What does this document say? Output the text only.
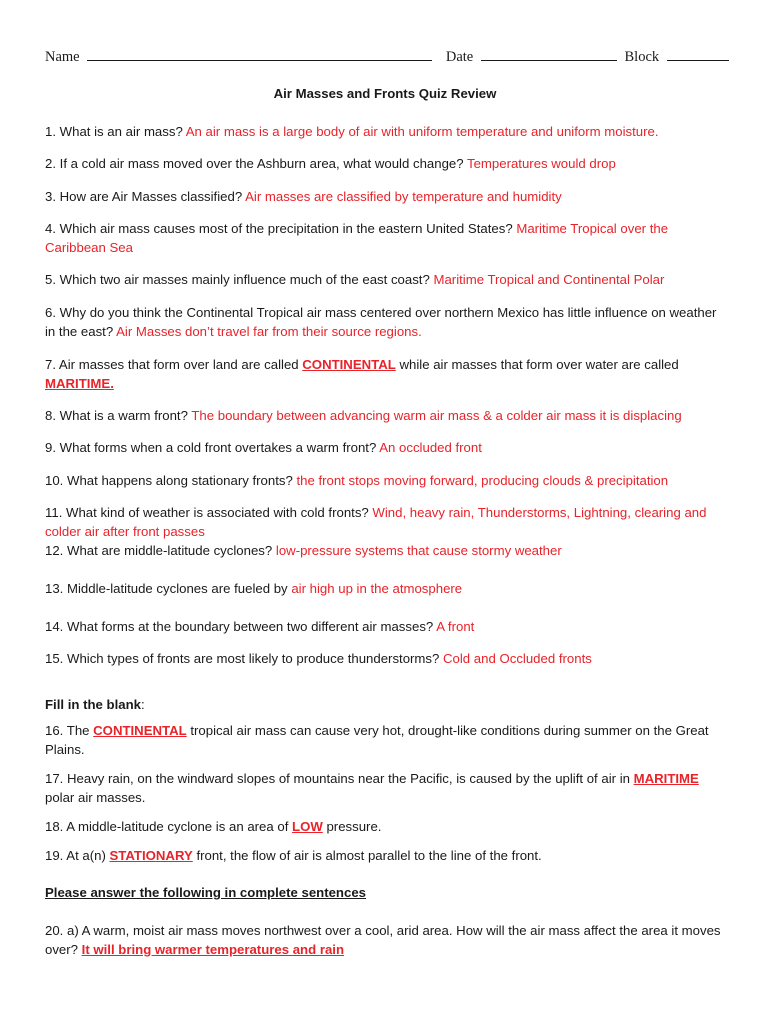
Name	Date	Block
Air Masses and Fronts Quiz Review
1. What is an air mass? An air mass is a large body of air with uniform temperature and uniform moisture.
2. If a cold air mass moved over the Ashburn area, what would change? Temperatures would drop
3. How are Air Masses classified? Air masses are classified by temperature and humidity
4. Which air mass causes most of the precipitation in the eastern United States? Maritime Tropical over the Caribbean Sea
5. Which two air masses mainly influence much of the east coast? Maritime Tropical and Continental Polar
6. Why do you think the Continental Tropical air mass centered over northern Mexico has little influence on weather in the east? Air Masses don’t travel far from their source regions.
7. Air masses that form over land are called CONTINENTAL while air masses that form over water are called MARITIME.
8. What is a warm front? The boundary between advancing warm air mass & a colder air mass it is displacing
9. What forms when a cold front overtakes a warm front? An occluded front
10. What happens along stationary fronts? the front stops moving forward, producing clouds & precipitation
11. What kind of weather is associated with cold fronts? Wind, heavy rain, Thunderstorms, Lightning, clearing and colder air after front passes
12. What are middle-latitude cyclones? low-pressure systems that cause stormy weather
13. Middle-latitude cyclones are fueled by air high up in the atmosphere
14. What forms at the boundary between two different air masses? A front
15. Which types of fronts are most likely to produce thunderstorms? Cold and Occluded fronts
Fill in the blank:
16. The CONTINENTAL tropical air mass can cause very hot, drought-like conditions during summer on the Great Plains.
17. Heavy rain, on the windward slopes of mountains near the Pacific, is caused by the uplift of air in MARITIME polar air masses.
18. A middle-latitude cyclone is an area of LOW pressure.
19. At a(n) STATIONARY front, the flow of air is almost parallel to the line of the front.
Please answer the following in complete sentences
20. a) A warm, moist air mass moves northwest over a cool, arid area. How will the air mass affect the area it moves over? It will bring warmer temperatures and rain
